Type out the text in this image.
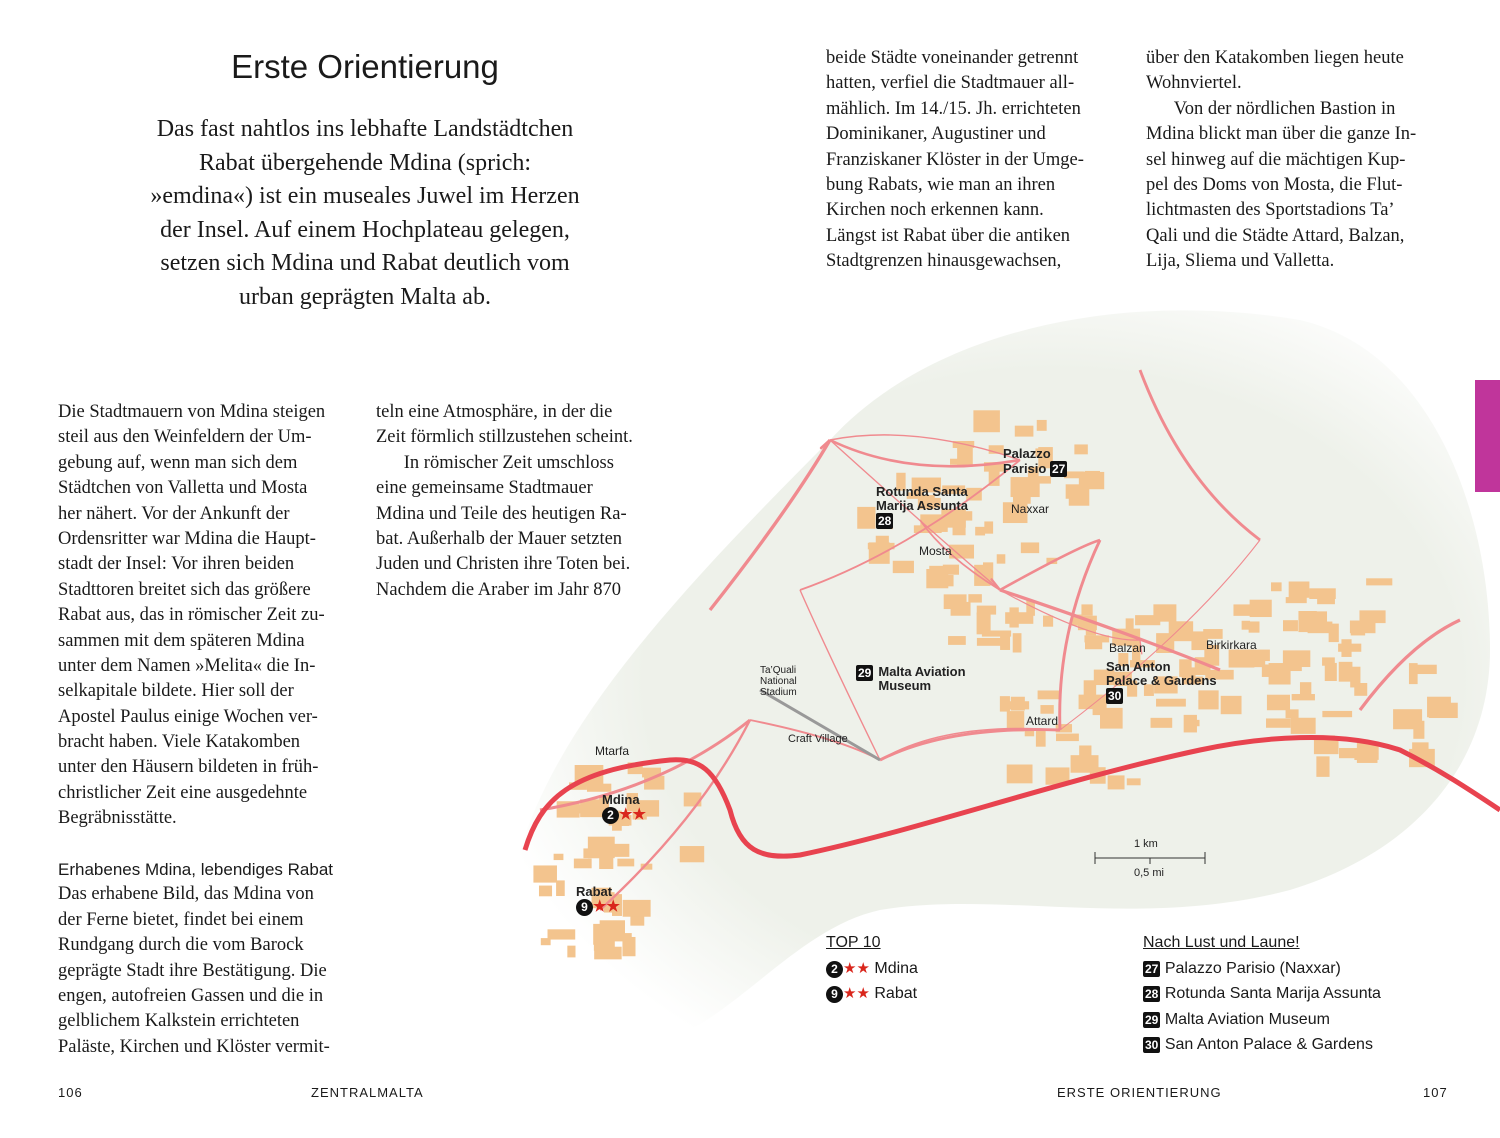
Erste Orientierung
Das fast nahtlos ins lebhafte Landstädtchen
Rabat übergehende Mdina (sprich:
»emdina«) ist ein museales Juwel im Herzen
der Insel. Auf einem Hochplateau gelegen,
setzen sich Mdina und Rabat deutlich vom
urban geprägten Malta ab.
Die Stadtmauern von Mdina steigen
steil aus den Weinfeldern der Um-
gebung auf, wenn man sich dem
Städtchen von Valletta und Mosta
her nähert. Vor der Ankunft der
Ordensritter war Mdina die Haupt-
stadt der Insel: Vor ihren beiden
Stadttoren breitet sich das größere
Rabat aus, das in römischer Zeit zu-
sammen mit dem späteren Mdina
unter dem Namen »Melita« die In-
selkapitale bildete. Hier soll der
Apostel Paulus einige Wochen ver-
bracht haben. Viele Katakomben
unter den Häusern bildeten in früh-
christlicher Zeit eine ausgedehnte
Begräbnisstätte.
Erhabenes Mdina, lebendiges Rabat
Das erhabene Bild, das Mdina von
der Ferne bietet, findet bei einem
Rundgang durch die vom Barock
geprägte Stadt ihre Bestätigung. Die
engen, autofreien Gassen und die in
gelblichem Kalkstein errichteten
Paläste, Kirchen und Klöster vermit-
teln eine Atmosphäre, in der die
Zeit förmlich stillzustehen scheint.
In römischer Zeit umschloss
eine gemeinsame Stadtmauer
Mdina und Teile des heutigen Ra-
bat. Außerhalb der Mauer setzten
Juden und Christen ihre Toten bei.
Nachdem die Araber im Jahr 870
beide Städte voneinander getrennt
hatten, verfiel die Stadtmauer all-
mählich. Im 14./15. Jh. errichteten
Dominikaner, Augustiner und
Franziskaner Klöster in der Umge-
bung Rabats, wie man an ihren
Kirchen noch erkennen kann.
Längst ist Rabat über die antiken
Stadtgrenzen hinausgewachsen,
über den Katakomben liegen heute
Wohnviertel.
Von der nördlichen Bastion in
Mdina blickt man über die ganze In-
sel hinweg auf die mächtigen Kup-
pel des Doms von Mosta, die Flut-
lichtmasten des Sportstadions Ta’
Qali und die Städte Attard, Balzan,
Lija, Sliema und Valletta.
Mtarfa
Mosta
Naxxar
Balzan	Birkirkara
Attard
Ta’Quali
National
Stadium
Craft Village
Mdina
2 ★★
Rabat
9 ★★
Palazzo
Parisio 27
Rotunda Santa
Marija Assunta
28
29 Malta Aviation
Museum
San Anton
Palace & Gardens
30
1 km
0,5 mi
TOP 10
2 ★★ Mdina
9 ★★ Rabat
Nach Lust und Laune!
27 Palazzo Parisio (Naxxar)
28 Rotunda Santa Marija Assunta
29 Malta Aviation Museum
30 San Anton Palace & Gardens
106	ZENTRALMALTA	ERSTE ORIENTIERUNG	107
